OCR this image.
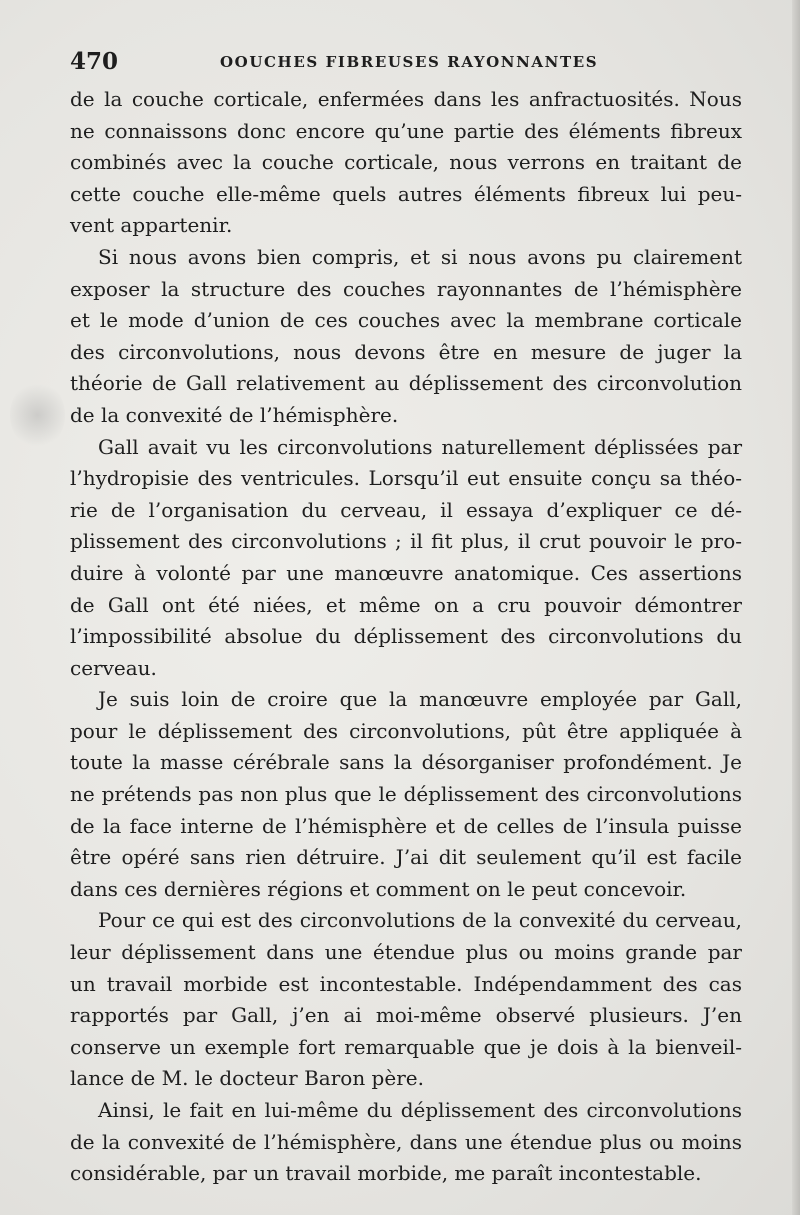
470	OOUCHES FIBREUSES RAYONNANTES
de la couche corticale, enfermées dans les anfractuosités. Nous
ne connaissons donc encore qu’une partie des éléments fibreux
combinés avec la couche corticale, nous verrons en traitant de
cette couche elle-même quels autres éléments fibreux lui peu-
vent appartenir.
Si nous avons bien compris, et si nous avons pu clairement
exposer la structure des couches rayonnantes de l’hémisphère
et le mode d’union de ces couches avec la membrane corticale
des circonvolutions, nous devons être en mesure de juger la
théorie de Gall relativement au déplissement des circonvolution
de la convexité de l’hémisphère.
Gall avait vu les circonvolutions naturellement déplissées par
l’hydropisie des ventricules. Lorsqu’il eut ensuite conçu sa théo-
rie de l’organisation du cerveau, il essaya d’expliquer ce dé-
plissement des circonvolutions ; il fit plus, il crut pouvoir le pro-
duire à volonté par une manœuvre anatomique. Ces assertions
de Gall ont été niées, et même on a cru pouvoir démontrer
l’impossibilité absolue du déplissement des circonvolutions du
cerveau.
Je suis loin de croire que la manœuvre employée par Gall,
pour le déplissement des circonvolutions, pût être appliquée à
toute la masse cérébrale sans la désorganiser profondément. Je
ne prétends pas non plus que le déplissement des circonvolutions
de la face interne de l’hémisphère et de celles de l’insula puisse
être opéré sans rien détruire. J’ai dit seulement qu’il est facile
dans ces dernières régions et comment on le peut concevoir.
Pour ce qui est des circonvolutions de la convexité du cerveau,
leur déplissement dans une étendue plus ou moins grande par
un travail morbide est incontestable. Indépendamment des cas
rapportés par Gall, j’en ai moi-même observé plusieurs. J’en
conserve un exemple fort remarquable que je dois à la bienveil-
lance de M. le docteur Baron père.
Ainsi, le fait en lui-même du déplissement des circonvolutions
de la convexité de l’hémisphère, dans une étendue plus ou moins
considérable, par un travail morbide, me paraît incontestable.
